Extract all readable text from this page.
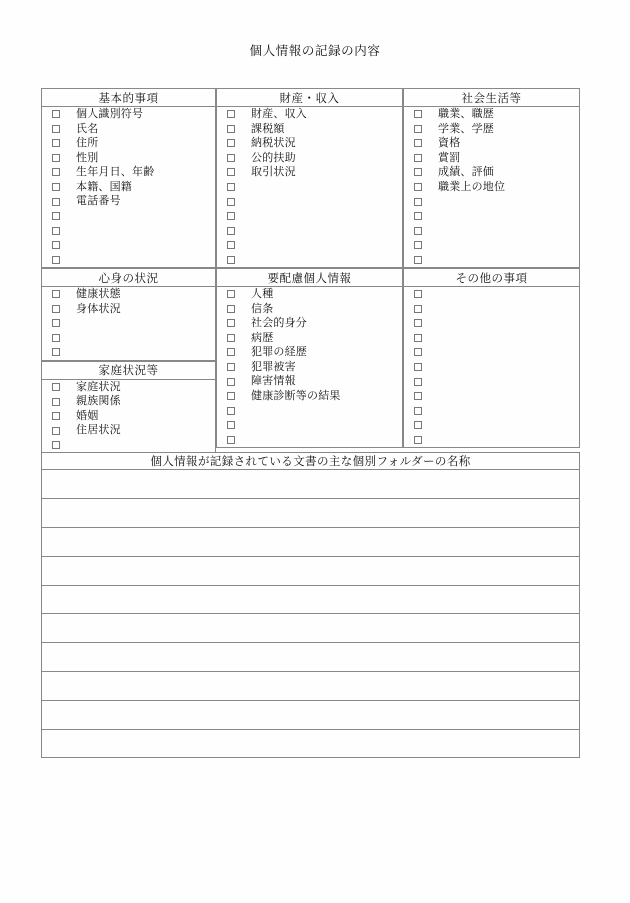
個人情報の記録の内容
基本的事項

個人識別符号

氏名

住所

性別

生年月日、年齢

本籍、国籍

電話番号

心身の状況

健康状態

身体状況

家庭状況等

家庭状況

親族関係

婚姻

住居状況

財産・収入

財産、収入

課税額

納税状況

公的扶助

取引状況

要配慮個人情報

人種

信条

社会的身分

病歴

犯罪の経歴

犯罪被害

障害情報

健康診断等の結果

社会生活等

職業、職歴

学業、学歴

資格

賞罰

成績、評価

職業上の地位

その他の事項

個人情報が記録されている文書の主な個別フォルダーの名称
